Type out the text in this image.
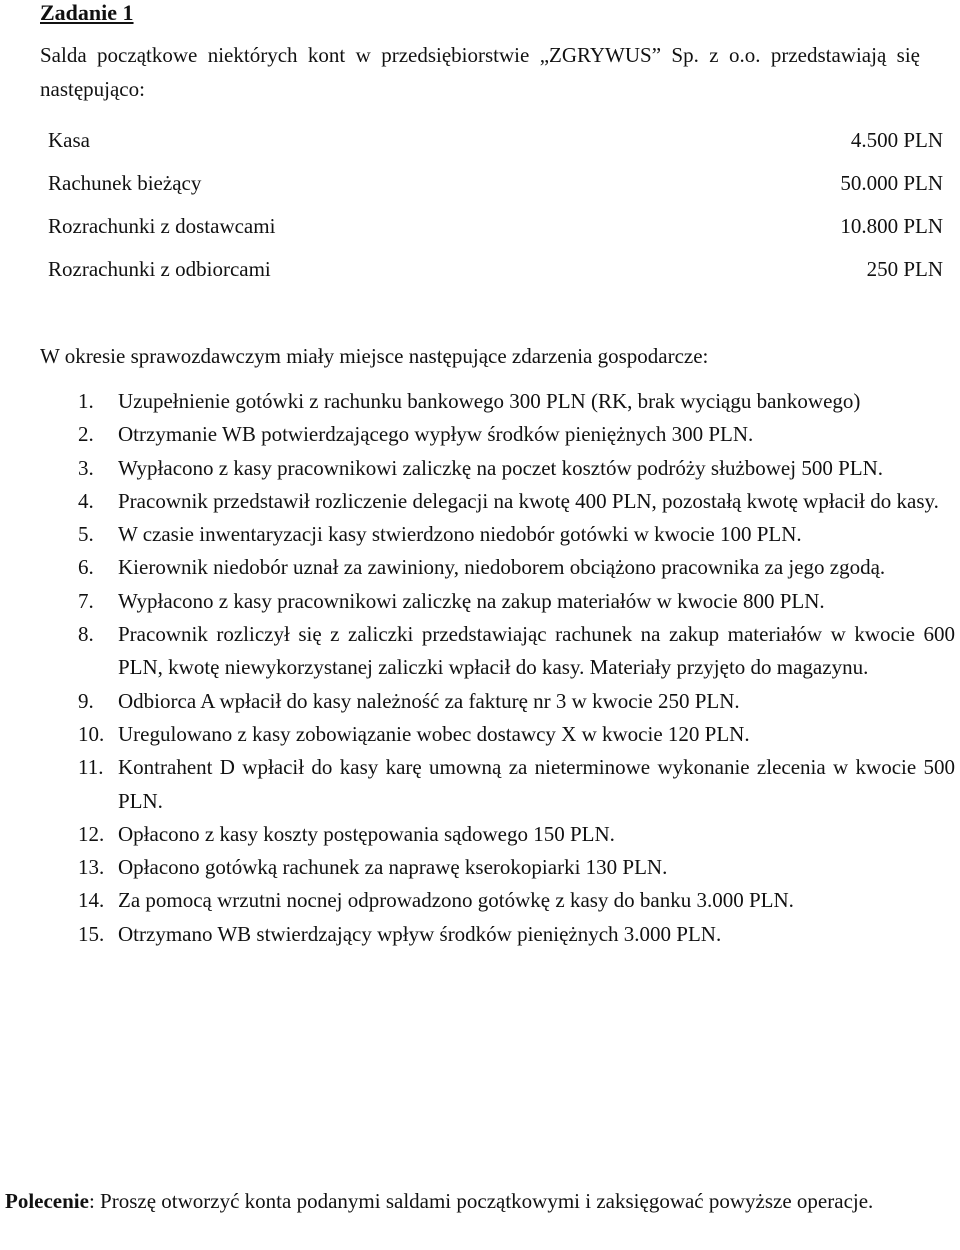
Zadanie 1
Salda początkowe niektórych kont w przedsiębiorstwie „ZGRYWUS” Sp. z o.o. przedstawiają się następująco:
Kasa	4.500 PLN
Rachunek bieżący	50.000 PLN
Rozrachunki z dostawcami	10.800 PLN
Rozrachunki z odbiorcami	250 PLN
W okresie sprawozdawczym miały miejsce następujące zdarzenia gospodarcze:
1.	Uzupełnienie gotówki z rachunku bankowego 300 PLN (RK, brak wyciągu bankowego)
2.	Otrzymanie WB potwierdzającego wypływ środków pieniężnych 300 PLN.
3.	Wypłacono z kasy pracownikowi zaliczkę na poczet kosztów podróży służbowej 500 PLN.
4.	Pracownik przedstawił rozliczenie delegacji na kwotę 400 PLN, pozostałą kwotę wpłacił do kasy.
5.	W czasie inwentaryzacji kasy stwierdzono niedobór gotówki w kwocie 100 PLN.
6.	Kierownik niedobór uznał za zawiniony, niedoborem obciążono pracownika za jego zgodą.
7.	Wypłacono z kasy pracownikowi zaliczkę na zakup materiałów w kwocie 800 PLN.
8.	Pracownik rozliczył się z zaliczki przedstawiając rachunek na zakup materiałów w kwocie 600 PLN, kwotę niewykorzystanej zaliczki wpłacił do kasy. Materiały przyjęto do magazynu.
9.	Odbiorca A wpłacił do kasy należność za fakturę nr 3 w kwocie 250 PLN.
10. Uregulowano z kasy zobowiązanie wobec dostawcy X w kwocie 120 PLN.
11. Kontrahent D wpłacił do kasy karę umowną za nieterminowe wykonanie zlecenia w kwocie 500 PLN.
12. Opłacono z kasy koszty postępowania sądowego 150 PLN.
13. Opłacono gotówką rachunek za naprawę kserokopiarki 130 PLN.
14. Za pomocą wrzutni nocnej odprowadzono gotówkę z kasy do banku 3.000 PLN.
15. Otrzymano WB stwierdzający wpływ środków pieniężnych 3.000 PLN.
Polecenie: Proszę otworzyć konta podanymi saldami początkowymi i zaksięgować powyższe operacje.
